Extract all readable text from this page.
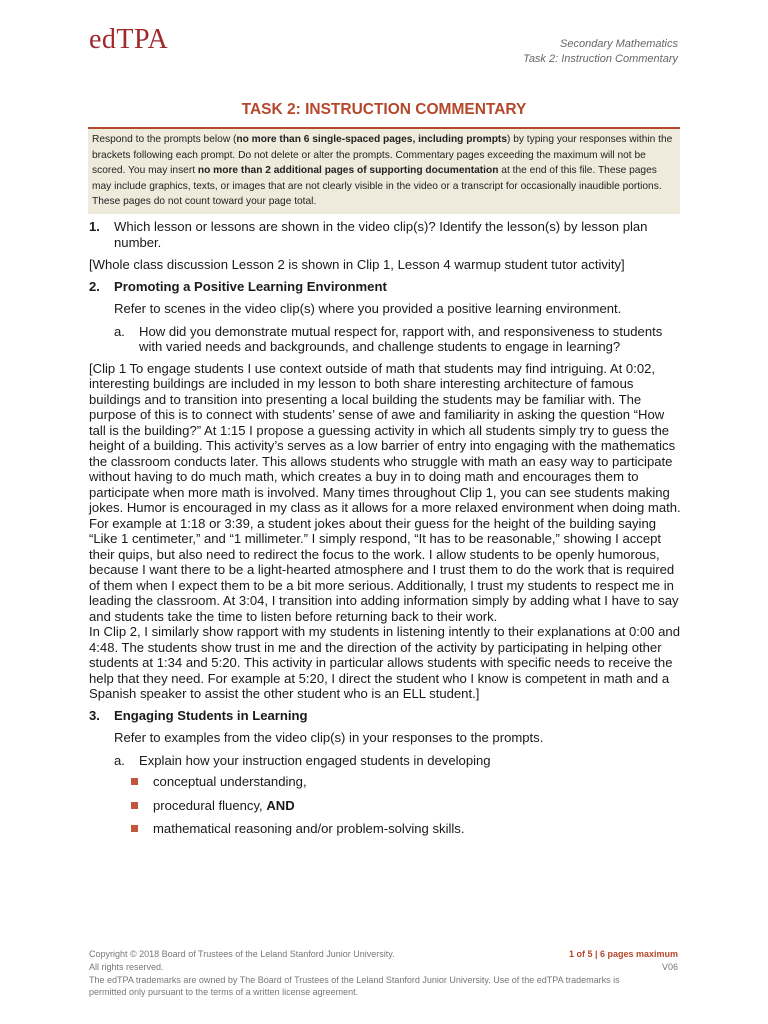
edTPA	Secondary Mathematics
Task 2: Instruction Commentary
TASK 2: INSTRUCTION COMMENTARY
Respond to the prompts below (no more than 6 single-spaced pages, including prompts) by typing your responses within the brackets following each prompt. Do not delete or alter the prompts. Commentary pages exceeding the maximum will not be scored. You may insert no more than 2 additional pages of supporting documentation at the end of this file. These pages may include graphics, texts, or images that are not clearly visible in the video or a transcript for occasionally inaudible portions. These pages do not count toward your page total.
1.	Which lesson or lessons are shown in the video clip(s)? Identify the lesson(s) by lesson plan number.
[Whole class discussion Lesson 2 is shown in Clip 1, Lesson 4 warmup student tutor activity]
2.	Promoting a Positive Learning Environment
Refer to scenes in the video clip(s) where you provided a positive learning environment.
a.	How did you demonstrate mutual respect for, rapport with, and responsiveness to students with varied needs and backgrounds, and challenge students to engage in learning?

[Clip 1 To engage students I use context outside of math that students may find intriguing. At 0:02, interesting buildings are included in my lesson to both share interesting architecture of famous buildings and to transition into presenting a local building the students may be familiar with. The purpose of this is to connect with students’ sense of awe and familiarity in asking the question “How tall is the building?” At 1:15 I propose a guessing activity in which all students simply try to guess the height of a building. This activity’s serves as a low barrier of entry into engaging with the mathematics the classroom conducts later. This allows students who struggle with math an easy way to participate without having to do much math, which creates a buy in to doing math and encourages them to participate when more math is involved. Many times throughout Clip 1, you can see students making jokes. Humor is encouraged in my class as it allows for a more relaxed environment when doing math. For example at 1:18 or 3:39, a student jokes about their guess for the height of the building saying “Like 1 centimeter,” and “1 millimeter.” I simply respond, “It has to be reasonable,” showing I accept their quips, but also need to redirect the focus to the work. I allow students to be openly humorous, because I want there to be a light-hearted atmosphere and I trust them to do the work that is required of them when I expect them to be a bit more serious. Additionally, I trust my students to respect me in leading the classroom. At 3:04, I transition into adding information simply by adding what I have to say and students take the time to listen before returning back to their work.

In Clip 2, I similarly show rapport with my students in listening intently to their explanations at 0:00 and 4:48. The students show trust in me and the direction of the activity by participating in helping other students at 1:34 and 5:20. This activity in particular allows students with specific needs to receive the help that they need. For example at 5:20, I direct the student who I know is competent in math and a Spanish speaker to assist the other student who is an ELL student.]

3.	Engaging Students in Learning
Refer to examples from the video clip(s) in your responses to the prompts.
a.	Explain how your instruction engaged students in developing
conceptual understanding,
procedural fluency, AND
mathematical reasoning and/or problem-solving skills.
Copyright © 2018 Board of Trustees of the Leland Stanford Junior University.
All rights reserved.
The edTPA trademarks are owned by The Board of Trustees of the Leland Stanford Junior University. Use of the edTPA trademarks is permitted only pursuant to the terms of a written license agreement.
1 of 5 | 6 pages maximum
V06
